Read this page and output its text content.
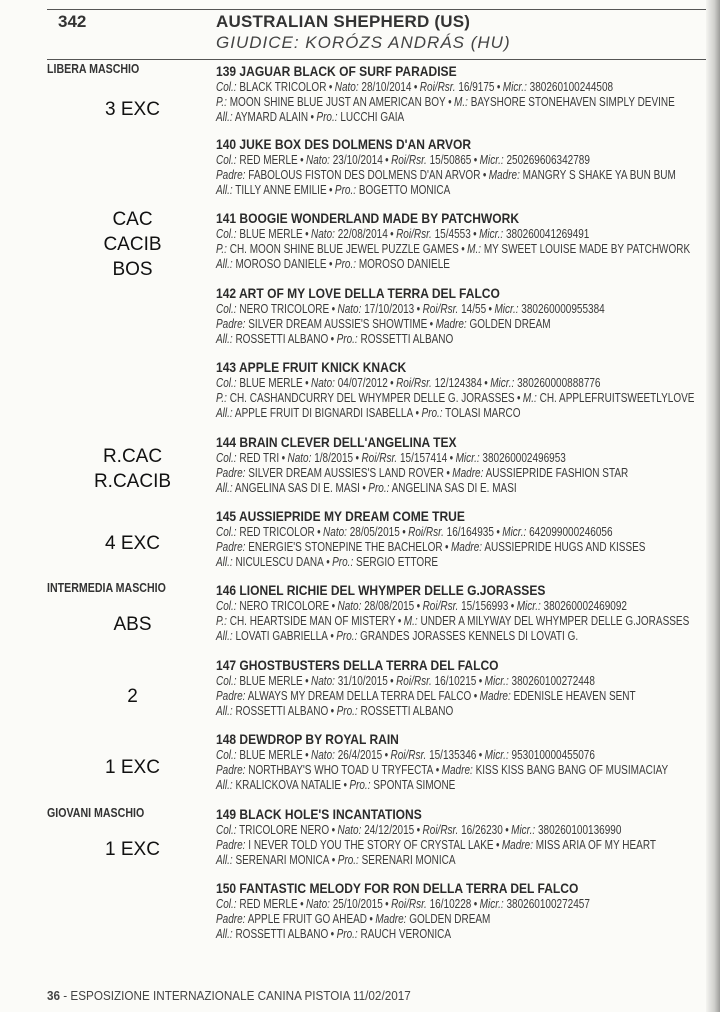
342	AUSTRALIAN SHEPHERD (US)
GIUDICE: KORÓZS ANDRÁS (HU)
LIBERA MASCHIO
INTERMEDIA MASCHIO
GIOVANI MASCHIO
3 EXC
CAC
CACIB
BOS
R.CAC
R.CACIB
4 EXC
ABS
2
1 EXC
1 EXC
139 JAGUAR BLACK OF SURF PARADISE
Col.: BLACK TRICOLOR • Nato: 28/10/2014 • Roi/Rsr. 16/9175 • Micr.: 380260100244508
P.: MOON SHINE BLUE JUST AN AMERICAN BOY • M.: BAYSHORE STONEHAVEN SIMPLY DEVINE
All.: AYMARD ALAIN • Pro.: LUCCHI GAIA
140 JUKE BOX DES DOLMENS D'AN ARVOR
Col.: RED MERLE • Nato: 23/10/2014 • Roi/Rsr. 15/50865 • Micr.: 250269606342789
Padre: FABOLOUS FISTON DES DOLMENS D'AN ARVOR • Madre: MANGRY S SHAKE YA BUN BUM
All.: TILLY ANNE EMILIE • Pro.: BOGETTO MONICA
141 BOOGIE WONDERLAND MADE BY PATCHWORK
Col.: BLUE MERLE • Nato: 22/08/2014 • Roi/Rsr. 15/4553 • Micr.: 380260041269491
P.: CH. MOON SHINE BLUE JEWEL PUZZLE GAMES • M.: MY SWEET LOUISE MADE BY PATCHWORK
All.: MOROSO DANIELE • Pro.: MOROSO DANIELE
142 ART OF MY LOVE DELLA TERRA DEL FALCO
Col.: NERO TRICOLORE • Nato: 17/10/2013 • Roi/Rsr. 14/55 • Micr.: 380260000955384
Padre: SILVER DREAM AUSSIE'S SHOWTIME • Madre: GOLDEN DREAM
All.: ROSSETTI ALBANO • Pro.: ROSSETTI ALBANO
143 APPLE FRUIT KNICK KNACK
Col.: BLUE MERLE • Nato: 04/07/2012 • Roi/Rsr. 12/124384 • Micr.: 380260000888776
P.: CH. CASHANDCURRY DEL WHYMPER DELLE G. JORASSES • M.: CH. APPLEFRUITSWEETLYLOVE
All.: APPLE FRUIT DI BIGNARDI ISABELLA • Pro.: TOLASI MARCO
144 BRAIN CLEVER DELL'ANGELINA TEX
Col.: RED TRI • Nato: 1/8/2015 • Roi/Rsr. 15/157414 • Micr.: 380260002496953
Padre: SILVER DREAM AUSSIES'S LAND ROVER • Madre: AUSSIEPRIDE FASHION STAR
All.: ANGELINA SAS DI E. MASI • Pro.: ANGELINA SAS DI E. MASI
145 AUSSIEPRIDE MY DREAM COME TRUE
Col.: RED TRICOLOR • Nato: 28/05/2015 • Roi/Rsr. 16/164935 • Micr.: 642099000246056
Padre: ENERGIE'S STONEPINE THE BACHELOR • Madre: AUSSIEPRIDE HUGS AND KISSES
All.: NICULESCU DANA • Pro.: SERGIO ETTORE
146 LIONEL RICHIE DEL WHYMPER DELLE G.JORASSES
Col.: NERO TRICOLORE • Nato: 28/08/2015 • Roi/Rsr. 15/156993 • Micr.: 380260002469092
P.: CH. HEARTSIDE MAN OF MISTERY • M.: UNDER A MILYWAY DEL WHYMPER DELLE G.JORASSES
All.: LOVATI GABRIELLA • Pro.: GRANDES JORASSES KENNELS DI LOVATI G.
147 GHOSTBUSTERS DELLA TERRA DEL FALCO
Col.: BLUE MERLE • Nato: 31/10/2015 • Roi/Rsr. 16/10215 • Micr.: 380260100272448
Padre: ALWAYS MY DREAM DELLA TERRA DEL FALCO • Madre: EDENISLE HEAVEN SENT
All.: ROSSETTI ALBANO • Pro.: ROSSETTI ALBANO
148 DEWDROP BY ROYAL RAIN
Col.: BLUE MERLE • Nato: 26/4/2015 • Roi/Rsr. 15/135346 • Micr.: 953010000455076
Padre: NORTHBAY'S WHO TOAD U TRYFECTA • Madre: KISS KISS BANG BANG OF MUSIMACIAY
All.: KRALICKOVA NATALIE • Pro.: SPONTA SIMONE
149 BLACK HOLE'S INCANTATIONS
Col.: TRICOLORE NERO • Nato: 24/12/2015 • Roi/Rsr. 16/26230 • Micr.: 380260100136990
Padre: I NEVER TOLD YOU THE STORY OF CRYSTAL LAKE • Madre: MISS ARIA OF MY HEART
All.: SERENARI MONICA • Pro.: SERENARI MONICA
150 FANTASTIC MELODY FOR RON DELLA TERRA DEL FALCO
Col.: RED MERLE • Nato: 25/10/2015 • Roi/Rsr. 16/10228 • Micr.: 380260100272457
Padre: APPLE FRUIT GO AHEAD • Madre: GOLDEN DREAM
All.: ROSSETTI ALBANO • Pro.: RAUCH VERONICA
36 - ESPOSIZIONE INTERNAZIONALE CANINA PISTOIA 11/02/2017
